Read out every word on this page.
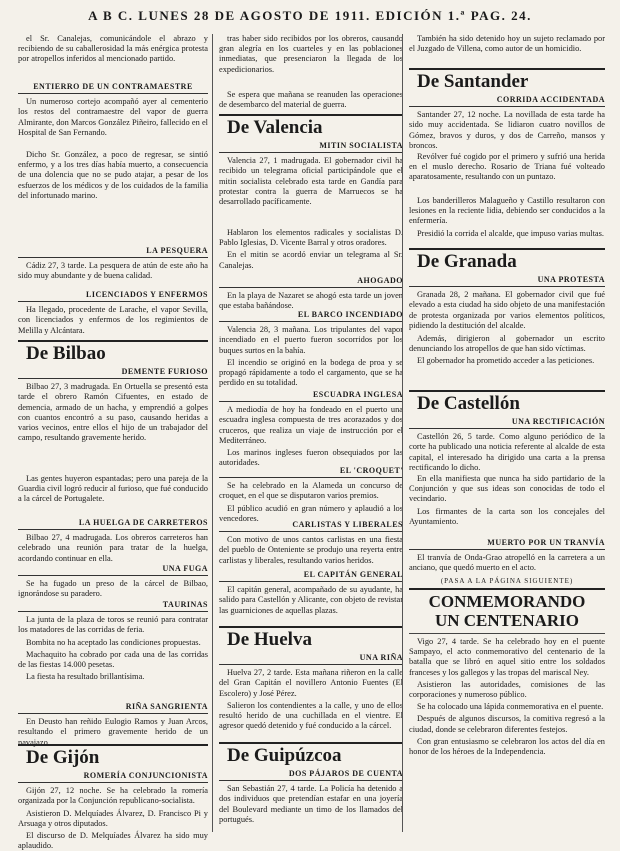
A B C. LUNES 28 DE AGOSTO DE 1911. EDICIÓN 1.ª PAG. 24.

el Sr. Canalejas, comunicándole el abrazo y recibiendo de su caballerosidad la más enérgica protesta por atropellos inferidos al mencionado partido.

ENTIERRO DE UN CONTRAMAESTRE

Un numeroso cortejo acompañó ayer al cementerio los restos del contramaestre del vapor de guerra Almirante, don Marcos González Piñeiro, fallecido en el Hospital de San Fernando.

Dicho Sr. González, a poco de regresar, se sintió enfermo, y a los tres días había muerto, a consecuencia de una dolencia que no se pudo atajar, a pesar de los esfuerzos de los médicos y de los cuidados de la familia del infortunado marino.

LA PESQUERA

Cádiz 27, 3 tarde. La pesquera de atún de este año ha sido muy abundante y de buena calidad.

LICENCIADOS Y ENFERMOS

Ha llegado, procedente de Larache, el vapor Sevilla, con licenciados y enfermos de los regimientos de Melilla y Alcántara.

De Bilbao
DEMENTE FURIOSO

Bilbao 27, 3 madrugada. En Ortuella se presentó esta tarde el obrero Ramón Cifuentes, en estado de demencia, armado de un hacha, y emprendió a golpes con cuantos encontró a su paso, causando heridas a varios vecinos, entre ellos el hijo de un trabajador del campo, resultando gravemente herido.

Las gentes huyeron espantadas; pero una pareja de la Guardia civil logró reducir al furioso, que fué conducido a la cárcel de Portugalete.

LA HUELGA DE CARRETEROS

Bilbao 27, 4 madrugada. Los obreros carreteros han celebrado una reunión para tratar de la huelga, acordando continuar en ella.

UNA FUGA

Se ha fugado un preso de la cárcel de Bilbao, ignorándose su paradero.

TAURINAS

La junta de la plaza de toros se reunió para contratar los matadores de las corridas de feria.

Bombita no ha aceptado las condiciones propuestas.

Machaquito ha cobrado por cada una de las corridas de las fiestas 14.000 pesetas.

La fiesta ha resultado brillantísima.

RIÑA SANGRIENTA

En Deusto han reñido Eulogio Ramos y Juan Arcos, resultando el primero gravemente herido de un navajazo.

De Gijón
ROMERÍA CONJUNCIONISTA

Gijón 27, 12 noche. Se ha celebrado la romería organizada por la Conjunción republicano-socialista.

Asistieron D. Melquíades Álvarez, D. Francisco Pi y Arsuaga y otros diputados.

El discurso de D. Melquíades Álvarez ha sido muy aplaudido.

tras haber sido recibidos por los obreros, causando gran alegría en los cuarteles y en las poblaciones inmediatas, que presenciaron la llegada de los expedicionarios.

Se espera que mañana se reanuden las operaciones de desembarco del material de guerra.

De Valencia
MITIN SOCIALISTA

Valencia 27, 1 madrugada. El gobernador civil ha recibido un telegrama oficial participándole que el mitin socialista celebrado esta tarde en Gandía para protestar contra la guerra de Marruecos se ha desarrollado pacíficamente.

Hablaron los elementos radicales y socialistas D. Pablo Iglesias, D. Vicente Barral y otros oradores.

En el mitin se acordó enviar un telegrama al Sr. Canalejas.

AHOGADO

En la playa de Nazaret se ahogó esta tarde un joven que estaba bañándose.

EL BARCO INCENDIADO

Valencia 28, 3 mañana. Los tripulantes del vapor incendiado en el puerto fueron socorridos por los buques surtos en la bahía.

El incendio se originó en la bodega de proa y se propagó rápidamente a todo el cargamento, que se ha perdido en su totalidad.

ESCUADRA INGLESA

A mediodía de hoy ha fondeado en el puerto una escuadra inglesa compuesta de tres acorazados y dos cruceros, que realiza un viaje de instrucción por el Mediterráneo.

Los marinos ingleses fueron obsequiados por las autoridades.

EL 'CROQUET'

Se ha celebrado en la Alameda un concurso de croquet, en el que se disputaron varios premios.

El público acudió en gran número y aplaudió a los vencedores.

CARLISTAS Y LIBERALES

Con motivo de unos cantos carlistas en una fiesta del pueblo de Onteniente se produjo una reyerta entre carlistas y liberales, resultando varios heridos.

EL CAPITÁN GENERAL

El capitán general, acompañado de su ayudante, ha salido para Castellón y Alicante, con objeto de revistar las guarniciones de aquellas plazas.

De Huelva
UNA RIÑA

Huelva 27, 2 tarde. Esta mañana riñeron en la calle del Gran Capitán el novillero Antonio Fuentes (El Escolero) y José Pérez.

Salieron los contendientes a la calle, y uno de ellos resultó herido de una cuchillada en el vientre. El agresor quedó detenido y fué conducido a la cárcel.

De Guipúzcoa
DOS PÁJAROS DE CUENTA

San Sebastián 27, 4 tarde. La Policía ha detenido a dos individuos que pretendían estafar en una joyería del Boulevard mediante un timo de los llamados del portugués.

También ha sido detenido hoy un sujeto reclamado por el Juzgado de Villena, como autor de un homicidio.

De Santander
CORRIDA ACCIDENTADA

Santander 27, 12 noche. La novillada de esta tarde ha sido muy accidentada. Se lidiaron cuatro novillos de Gómez, bravos y duros, y dos de Carreño, mansos y broncos.

Revólver fué cogido por el primero y sufrió una herida en el muslo derecho. Rosario de Triana fué volteado aparatosamente, resultando con un puntazo.

Los banderilleros Malagueño y Castillo resultaron con lesiones en la reciente lidia, debiendo ser conducidos a la enfermería.

Presidió la corrida el alcalde, que impuso varias multas.

De Granada
UNA PROTESTA

Granada 28, 2 mañana. El gobernador civil que fué elevado a esta ciudad ha sido objeto de una manifestación de protesta organizada por varios elementos políticos, pidiendo la destitución del alcalde.

Además, dirigieron al gobernador un escrito denunciando los atropellos de que han sido víctimas.

El gobernador ha prometido acceder a las peticiones.

De Castellón
UNA RECTIFICACIÓN

Castellón 26, 5 tarde. Como alguno periódico de la corte ha publicado una noticia referente al alcalde de esta capital, el interesado ha dirigido una carta a la prensa rectificando lo dicho.

En ella manifiesta que nunca ha sido partidario de la Conjunción y que sus ideas son conocidas de todo el vecindario.

Los firmantes de la carta son los concejales del Ayuntamiento.

MUERTO POR UN TRANVÍA

El tranvía de Onda-Grao atropelló en la carretera a un anciano, que quedó muerto en el acto.

(PASA A LA PÁGINA SIGUIENTE)
CONMEMORANDO
UN CENTENARIO

Vigo 27, 4 tarde. Se ha celebrado hoy en el puente Sampayo, el acto conmemorativo del centenario de la batalla que se libró en aquel sitio entre los soldados franceses y los gallegos y las tropas del mariscal Ney.

Asistieron las autoridades, comisiones de las corporaciones y numeroso público.

Se ha colocado una lápida conmemorativa en el puente.

Después de algunos discursos, la comitiva regresó a la ciudad, donde se celebraron diferentes festejos.

Con gran entusiasmo se celebraron los actos del día en honor de los héroes de la Independencia.
